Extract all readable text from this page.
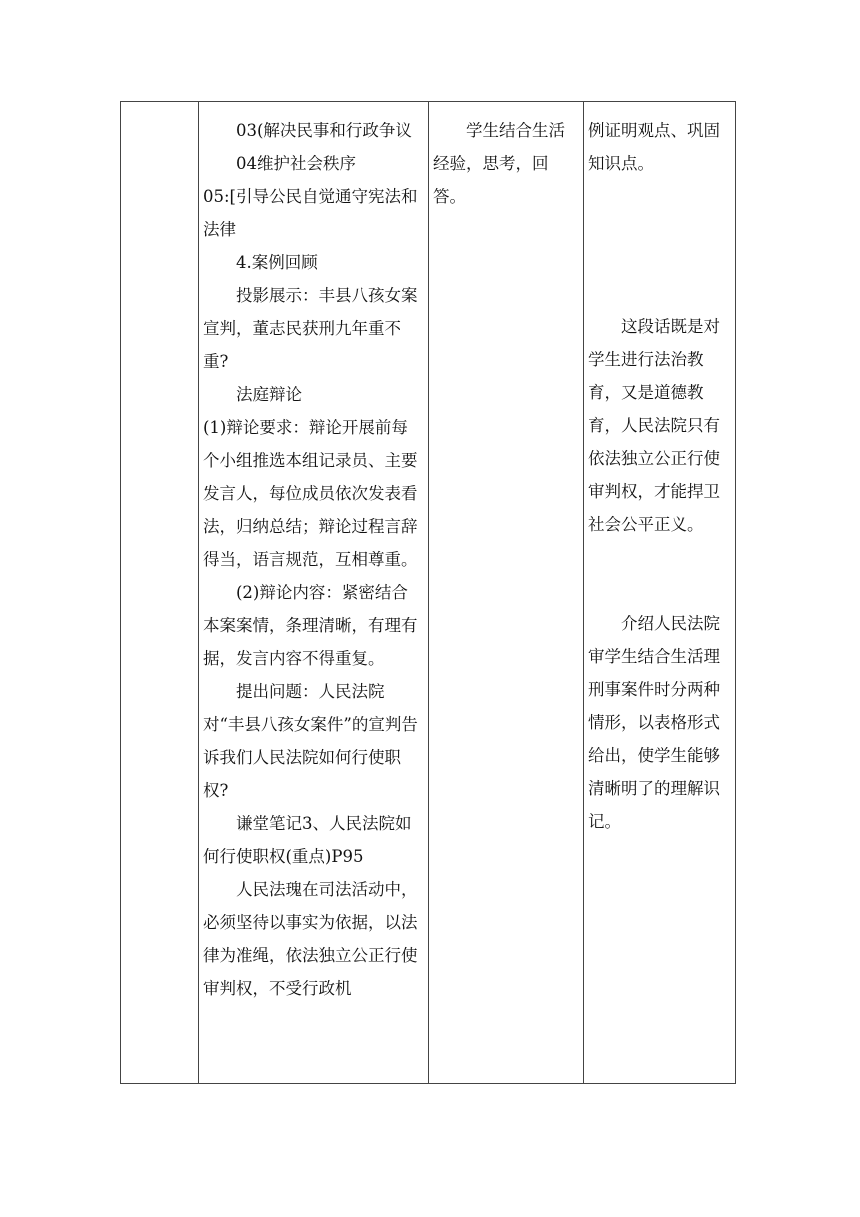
03(解决民事和行政争议

04维护社会秩序

05:[引导公民自觉通守宪法和法律

4.案例回顾

投影展示：丰县八孩女案宣判，董志民获刑九年重不重?

法庭辩论

(1)辩论要求：辩论开展前每个小组推选本组记录员、主要发言人，每位成员依次发表看法，归纳总结；辩论过程言辞得当，语言规范，互相尊重。

(2)辩论内容：紧密结合本案案情，条理清晰，有理有据，发言内容不得重复。

提出问题：人民法院对“丰县八孩女案件”的宣判告诉我们人民法院如何行使职权?

谦堂笔记3、人民法院如何行使职权(重点)P95

人民法瑰在司法活动中，必须坚待以事实为依据，以法律为准绳，依法独立公正行使审判权，不受行政机

学生结合生活经验，思考，回答。

例证明观点、巩固知识点。

这段话既是对学生进行法治教育，又是道德教育，人民法院只有依法独立公正行使审判权，才能捍卫社会公平正义。

介绍人民法院审学生结合生活理刑事案件时分两种情形，以表格形式给出，使学生能够清晰明了的理解识记。
